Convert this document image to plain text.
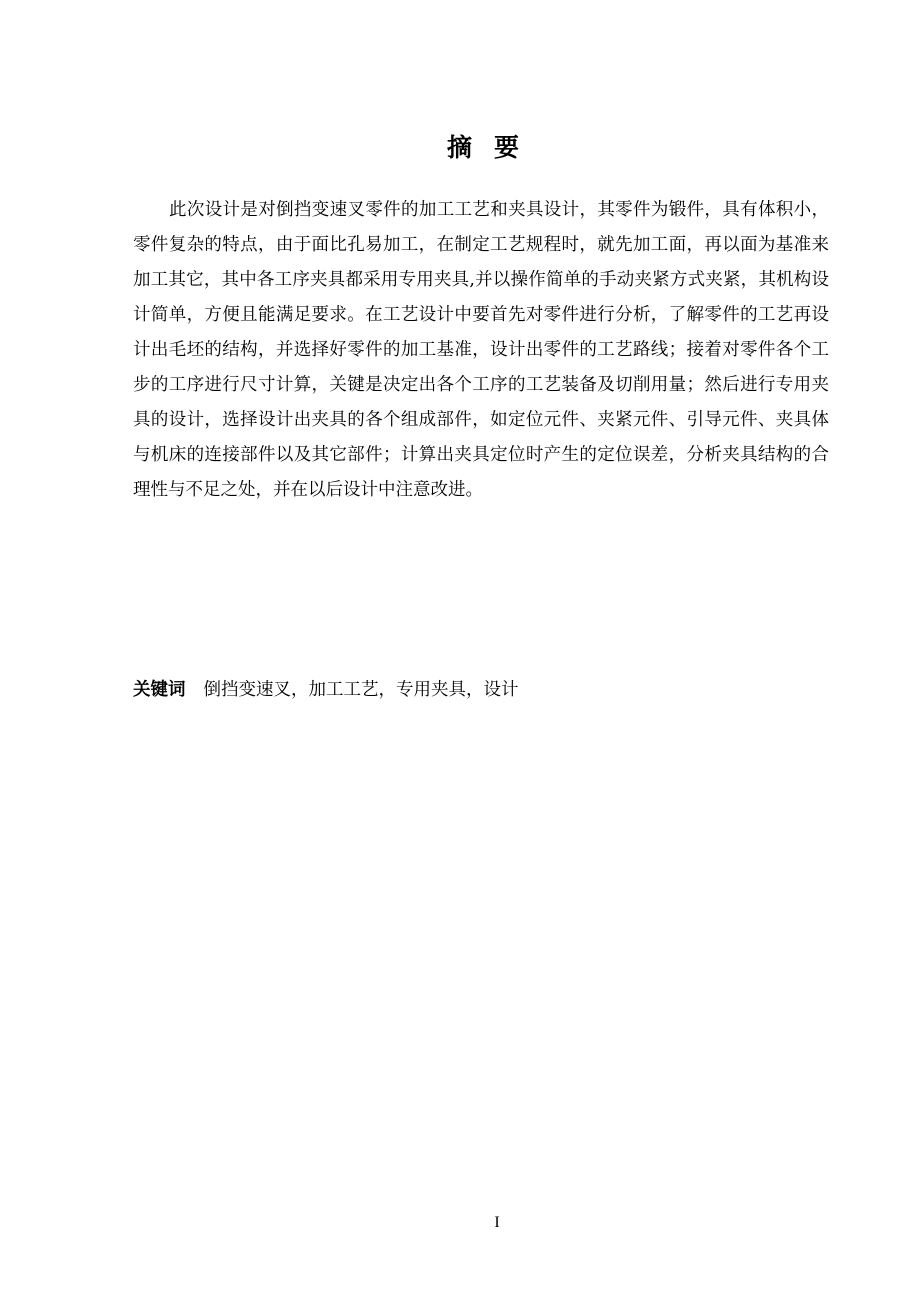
摘 要

此次设计是对倒挡变速叉零件的加工工艺和夹具设计，其零件为锻件，具有体积小，零件复杂的特点，由于面比孔易加工，在制定工艺规程时，就先加工面，再以面为基准来加工其它，其中各工序夹具都采用专用夹具,并以操作简单的手动夹紧方式夹紧，其机构设计简单，方便且能满足要求。在工艺设计中要首先对零件进行分析，了解零件的工艺再设计出毛坯的结构，并选择好零件的加工基准，设计出零件的工艺路线；接着对零件各个工步的工序进行尺寸计算，关键是决定出各个工序的工艺装备及切削用量；然后进行专用夹具的设计，选择设计出夹具的各个组成部件，如定位元件、夹紧元件、引导元件、夹具体与机床的连接部件以及其它部件；计算出夹具定位时产生的定位误差，分析夹具结构的合理性与不足之处，并在以后设计中注意改进。

关键词 倒挡变速叉，加工工艺，专用夹具，设计
I
